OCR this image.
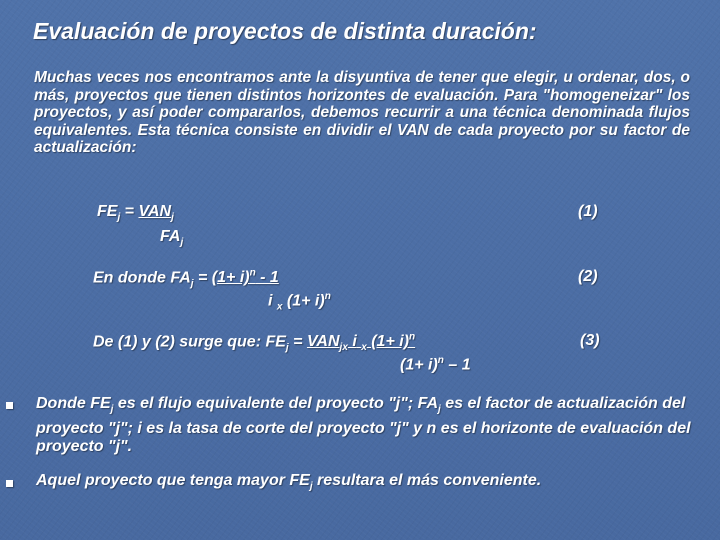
Evaluación de proyectos de distinta duración:
Muchas veces nos encontramos ante la disyuntiva de tener que elegir, u ordenar, dos, o más, proyectos que tienen distintos horizontes de evaluación. Para "homogeneizar" los proyectos, y así poder compararlos, debemos recurrir a una técnica denominada flujos equivalentes. Esta técnica consiste en dividir el VAN de cada proyecto por su factor de actualización:
$FE_j = VAN_j$
$FA_j$
(1)
En donde $FA_j = (1+ i)^n - 1$
i $_x$ $(1+ i)^n$
(2)
De (1) y (2) surge que: $FE_j = VAN_{jx}$ i $_x$ $(1+ i)^n$
$(1+ i)^n - 1$
(3)
Donde $FE_j$ es el flujo equivalente del proyecto "j"; $FA_j$ es el factor de actualización del proyecto "j"; i es la tasa de corte del proyecto "j" y n es el horizonte de evaluación del proyecto "j".
Aquel proyecto que tenga mayor $FE_j$ resultara el más conveniente.
